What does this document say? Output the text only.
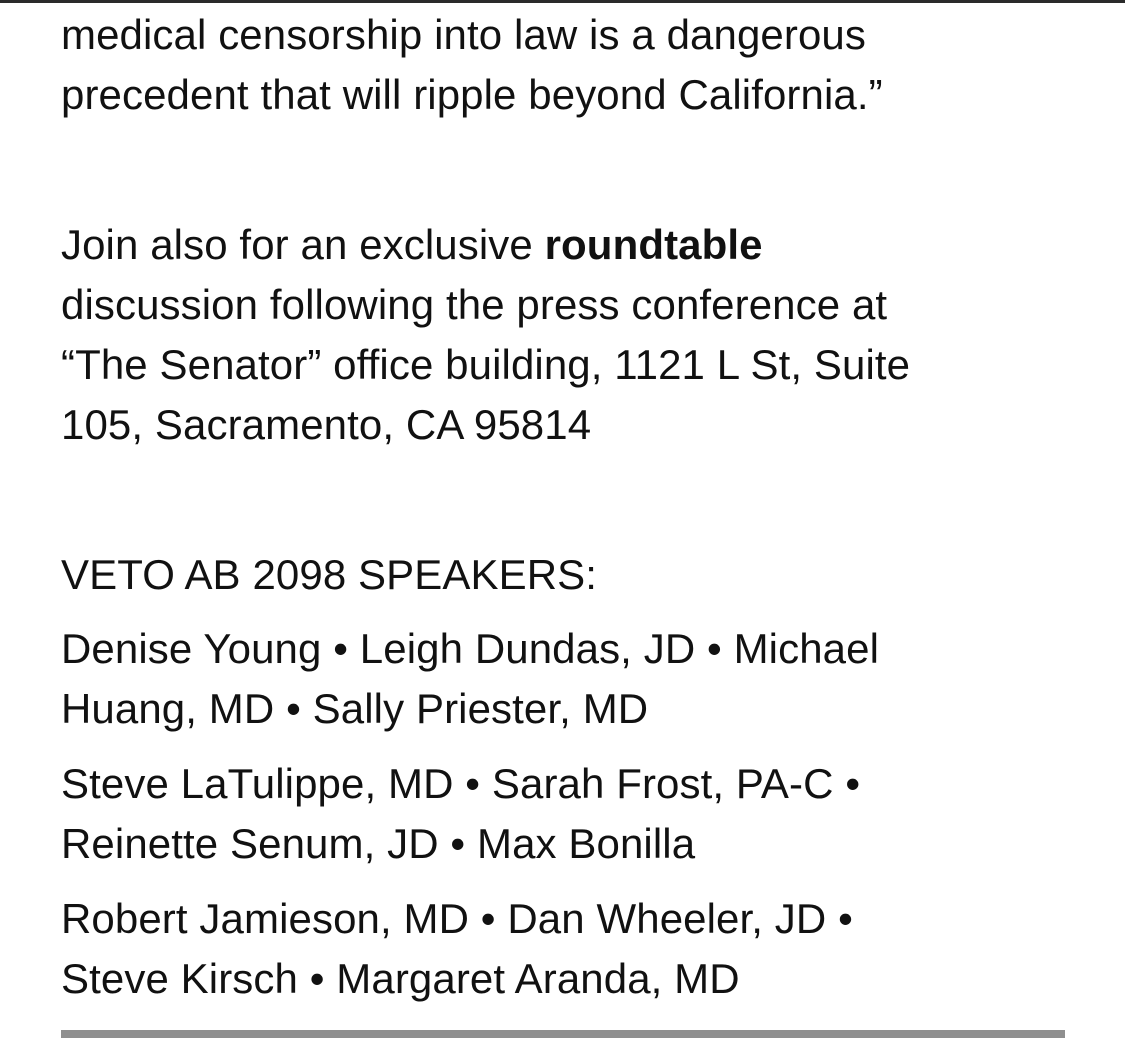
medical censorship into law is a dangerous
precedent that will ripple beyond California.”

Join also for an exclusive roundtable
discussion following the press conference at
“The Senator” office building, 1121 L St, Suite
105, Sacramento, CA 95814

VETO AB 2098 SPEAKERS:

Denise Young • Leigh Dundas, JD • Michael
Huang, MD • Sally Priester, MD

Steve LaTulippe, MD • Sarah Frost, PA-C •
Reinette Senum, JD • Max Bonilla

Robert Jamieson, MD • Dan Wheeler, JD •
Steve Kirsch • Margaret Aranda, MD
